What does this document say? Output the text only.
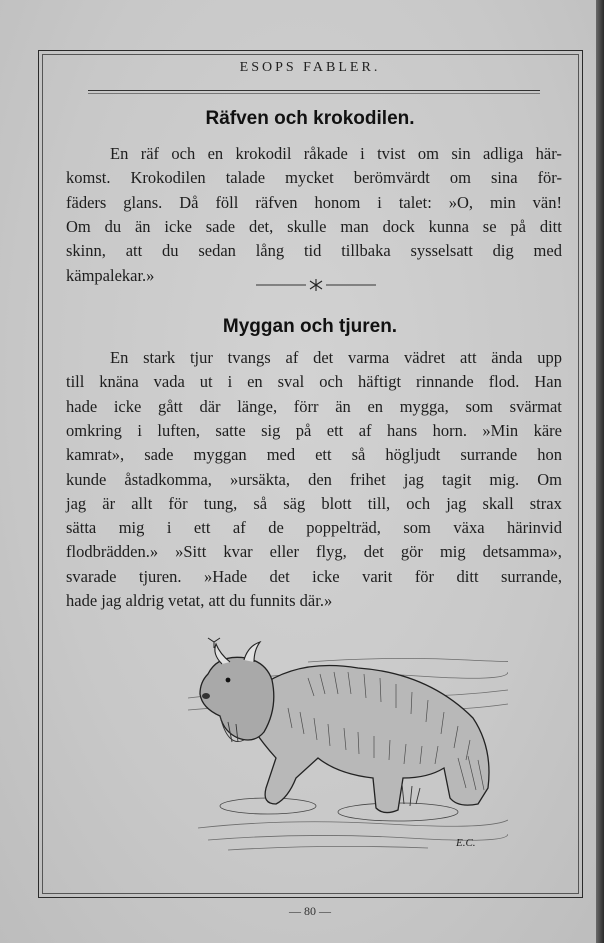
ESOPS FABLER.
Räfven och krokodilen.
En räf och en krokodil råkade i tvist om sin adliga här-
komst. Krokodilen talade mycket berömvärdt om sina för-
fäders glans. Då föll räfven honom i talet: »O, min vän!
Om du än icke sade det, skulle man dock kunna se på ditt
skinn, att du sedan lång tid tillbaka sysselsatt dig med
kämpalekar.»
Myggan och tjuren.
En stark tjur tvangs af det varma vädret att ända upp
till knäna vada ut i en sval och häftigt rinnande flod. Han
hade icke gått där länge, förr än en mygga, som svärmat
omkring i luften, satte sig på ett af hans horn. »Min käre
kamrat», sade myggan med ett så högljudt surrande hon
kunde åstadkomma, »ursäkta, den frihet jag tagit mig. Om
jag är allt för tung, så säg blott till, och jag skall strax
sätta mig i ett af de poppelträd, som växa härinvid
flodbrädden.» »Sitt kvar eller flyg, det gör mig detsamma»,
svarade tjuren. »Hade det icke varit för ditt surrande,
hade jag aldrig vetat, att du funnits där.»
E.C.
— 80 —
